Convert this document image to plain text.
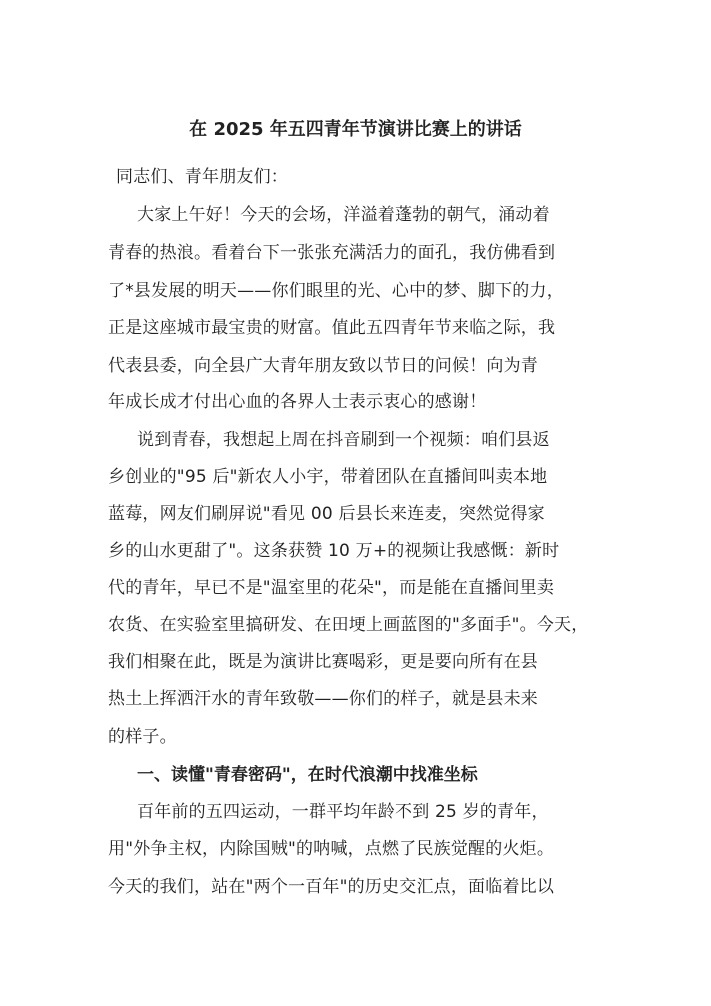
在 2025 年五四青年节演讲比赛上的讲话
同志们、青年朋友们：
大家上午好！今天的会场，洋溢着蓬勃的朝气，涌动着
青春的热浪。看着台下一张张充满活力的面孔，我仿佛看到
了*县发展的明天——你们眼里的光、心中的梦、脚下的力，
正是这座城市最宝贵的财富。值此五四青年节来临之际，我
代表县委，向全县广大青年朋友致以节日的问候！向为青
年成长成才付出心血的各界人士表示衷心的感谢！
说到青春，我想起上周在抖音刷到一个视频：咱们县返
乡创业的"95 后"新农人小宇，带着团队在直播间叫卖本地
蓝莓，网友们刷屏说"看见 00 后县长来连麦，突然觉得家
乡的山水更甜了"。这条获赞 10 万+的视频让我感慨：新时
代的青年，早已不是"温室里的花朵"，而是能在直播间里卖
农货、在实验室里搞研发、在田埂上画蓝图的"多面手"。今天，
我们相聚在此，既是为演讲比赛喝彩，更是要向所有在县
热土上挥洒汗水的青年致敬——你们的样子，就是县未来
的样子。
一、读懂"青春密码"，在时代浪潮中找准坐标
百年前的五四运动，一群平均年龄不到 25 岁的青年，
用"外争主权，内除国贼"的呐喊，点燃了民族觉醒的火炬。
今天的我们，站在"两个一百年"的历史交汇点，面临着比以
